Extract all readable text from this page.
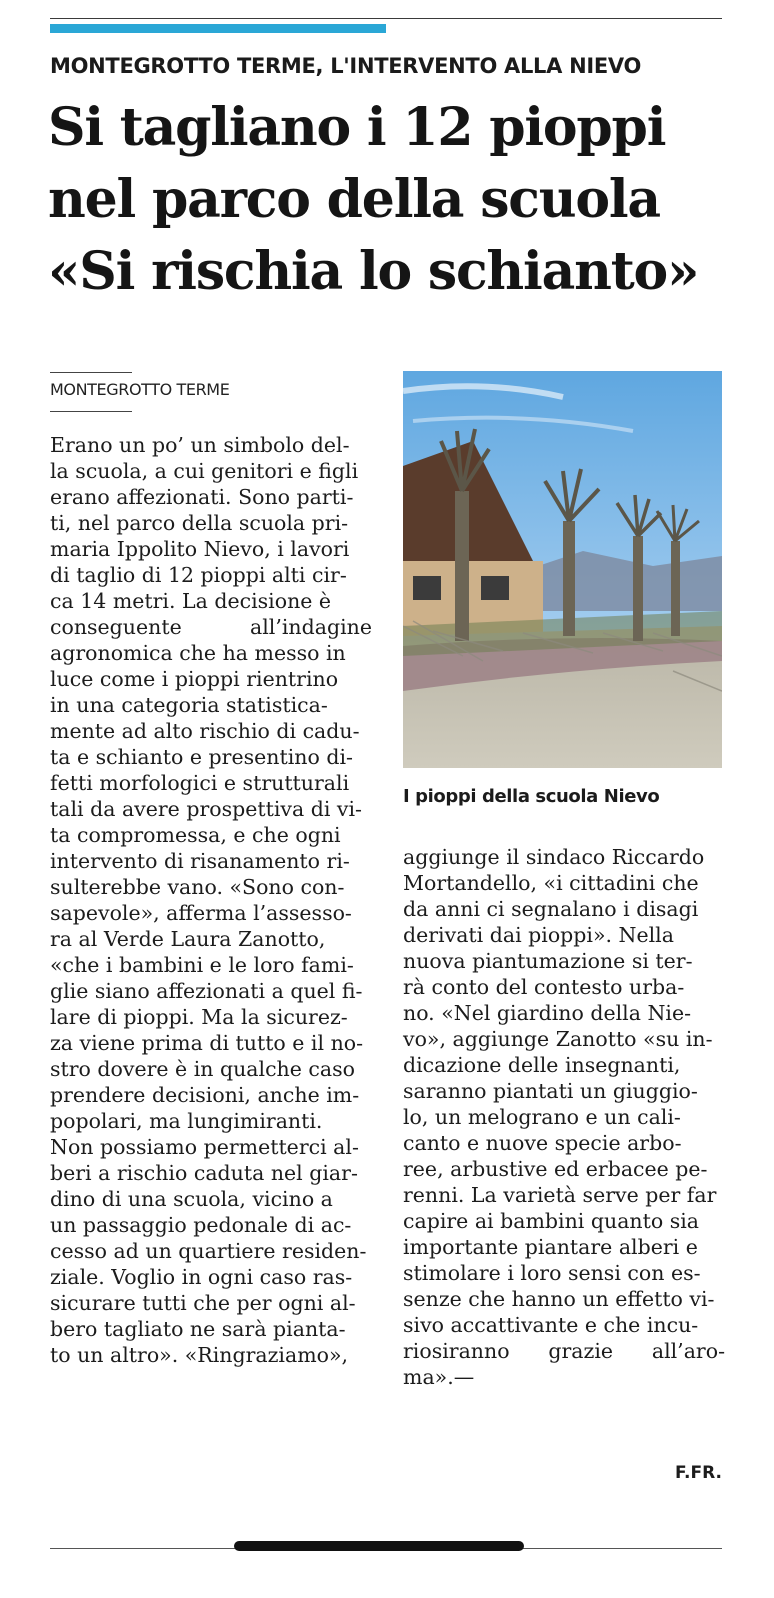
MONTEGROTTO TERME, L'INTERVENTO ALLA NIEVO
Si tagliano i 12 pioppi
nel parco della scuola
«Si rischia lo schianto»
MONTEGROTTO TERME
Erano un po’ un simbolo del-
la scuola, a cui genitori e figli
erano affezionati. Sono parti-
ti, nel parco della scuola pri-
maria Ippolito Nievo, i lavori
di taglio di 12 pioppi alti cir-
ca 14 metri. La decisione è
conseguente all’indagine
agronomica che ha messo in
luce come i pioppi rientrino
in una categoria statistica-
mente ad alto rischio di cadu-
ta e schianto e presentino di-
fetti morfologici e strutturali
tali da avere prospettiva di vi-
ta compromessa, e che ogni
intervento di risanamento ri-
sulterebbe vano. «Sono con-
sapevole», afferma l’assesso-
ra al Verde Laura Zanotto,
«che i bambini e le loro fami-
glie siano affezionati a quel fi-
lare di pioppi. Ma la sicurez-
za viene prima di tutto e il no-
stro dovere è in qualche caso
prendere decisioni, anche im-
popolari, ma lungimiranti.
Non possiamo permetterci al-
beri a rischio caduta nel giar-
dino di una scuola, vicino a
un passaggio pedonale di ac-
cesso ad un quartiere residen-
ziale. Voglio in ogni caso ras-
sicurare tutti che per ogni al-
bero tagliato ne sarà pianta-
to un altro». «Ringraziamo»,
I pioppi della scuola Nievo
aggiunge il sindaco Riccardo
Mortandello, «i cittadini che
da anni ci segnalano i disagi
derivati dai pioppi». Nella
nuova piantumazione si ter-
rà conto del contesto urba-
no. «Nel giardino della Nie-
vo», aggiunge Zanotto «su in-
dicazione delle insegnanti,
saranno piantati un giuggio-
lo, un melograno e un cali-
canto e nuove specie arbo-
ree, arbustive ed erbacee pe-
renni. La varietà serve per far
capire ai bambini quanto sia
importante piantare alberi e
stimolare i loro sensi con es-
senze che hanno un effetto vi-
sivo accattivante e che incu-
riosiranno grazie all’aro-
ma».—
F.FR.
